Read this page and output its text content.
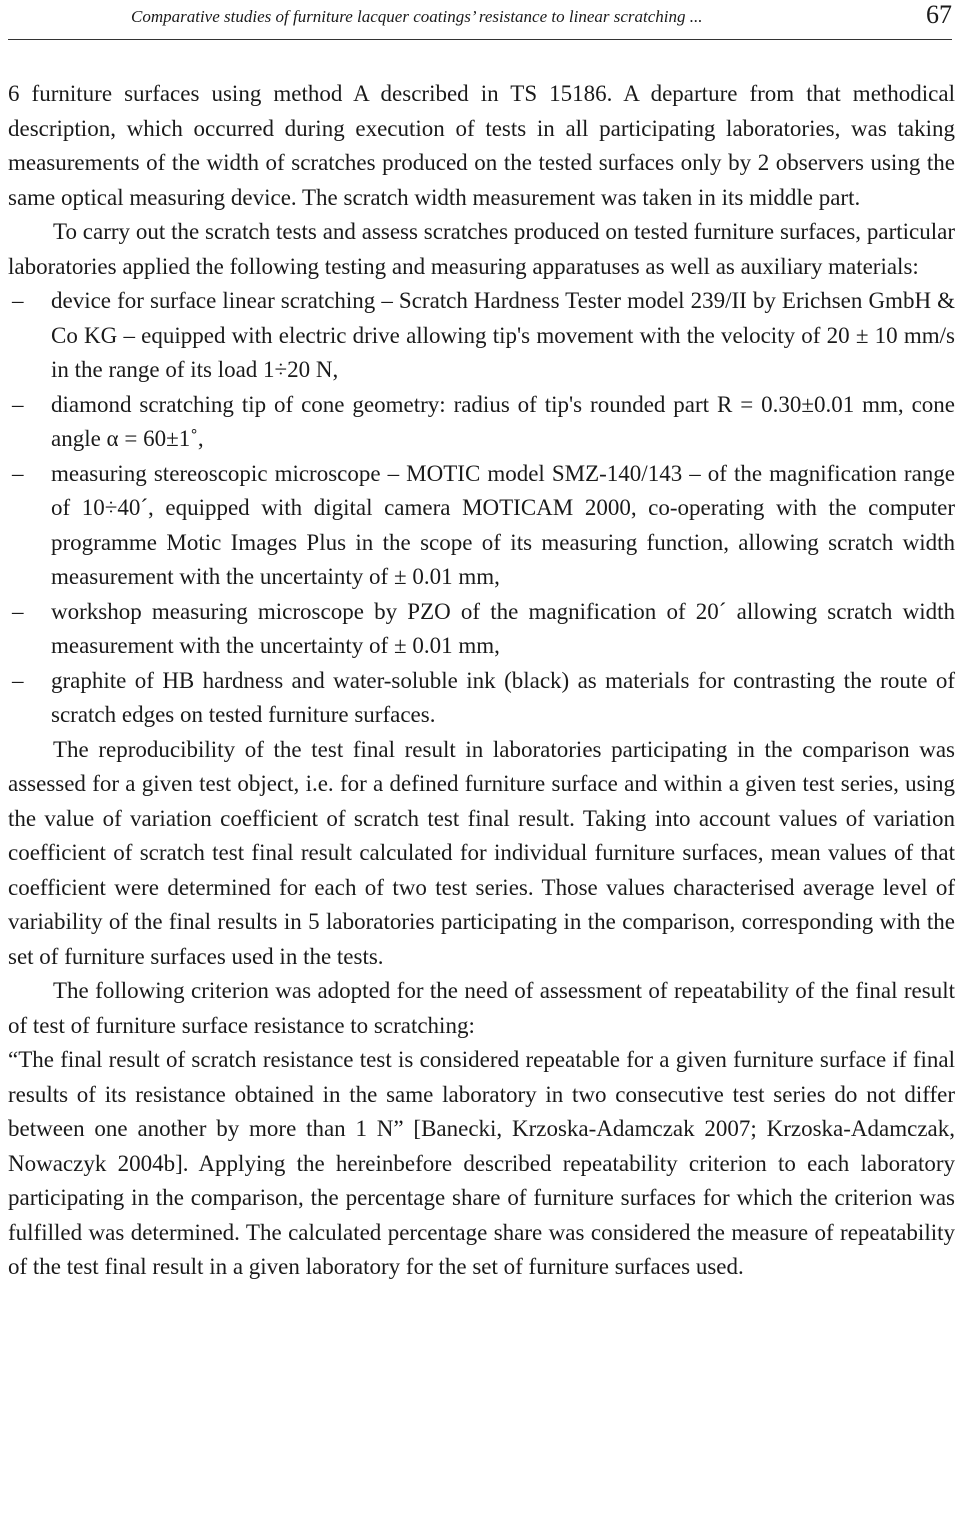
Comparative studies of furniture lacquer coatings’ resistance to linear scratching ...	67

6 furniture surfaces using method A described in TS 15186. A departure from that methodical description, which occurred during execution of tests in all participating laboratories, was taking measurements of the width of scratches produced on the tested surfaces only by 2 observers using the same optical measuring device. The scratch width measurement was taken in its middle part.

To carry out the scratch tests and assess scratches produced on tested furniture surfaces, particular laboratories applied the following testing and measuring apparatuses as well as auxiliary materials:

– device for surface linear scratching – Scratch Hardness Tester model 239/II by Erichsen GmbH & Co KG – equipped with electric drive allowing tip's movement with the velocity of 20 ± 10 mm/s in the range of its load 1÷20 N,
– diamond scratching tip of cone geometry: radius of tip's rounded part R = 0.30±0.01 mm, cone angle α = 60±1˚,
– measuring stereoscopic microscope – MOTIC model SMZ-140/143 – of the magnification range of 10÷40´, equipped with digital camera MOTICAM 2000, co-operating with the computer programme Motic Images Plus in the scope of its measuring function, allowing scratch width measurement with the uncertainty of ± 0.01 mm,
– workshop measuring microscope by PZO of the magnification of 20´ allowing scratch width measurement with the uncertainty of ± 0.01 mm,
– graphite of HB hardness and water-soluble ink (black) as materials for contrasting the route of scratch edges on tested furniture surfaces.

The reproducibility of the test final result in laboratories participating in the comparison was assessed for a given test object, i.e. for a defined furniture surface and within a given test series, using the value of variation coefficient of scratch test final result. Taking into account values of variation coefficient of scratch test final result calculated for individual furniture surfaces, mean values of that coefficient were determined for each of two test series. Those values characterised average level of variability of the final results in 5 laboratories participating in the comparison, corresponding with the set of furniture surfaces used in the tests.

The following criterion was adopted for the need of assessment of repeatability of the final result of test of furniture surface resistance to scratching:

“The final result of scratch resistance test is considered repeatable for a given furniture surface if final results of its resistance obtained in the same laboratory in two consecutive test series do not differ between one another by more than 1 N” [Banecki, Krzoska-Adamczak 2007; Krzoska-Adamczak, Nowaczyk 2004b]. Applying the hereinbefore described repeatability criterion to each laboratory participating in the comparison, the percentage share of furniture surfaces for which the criterion was fulfilled was determined. The calculated percentage share was considered the measure of repeatability of the test final result in a given laboratory for the set of furniture surfaces used.
